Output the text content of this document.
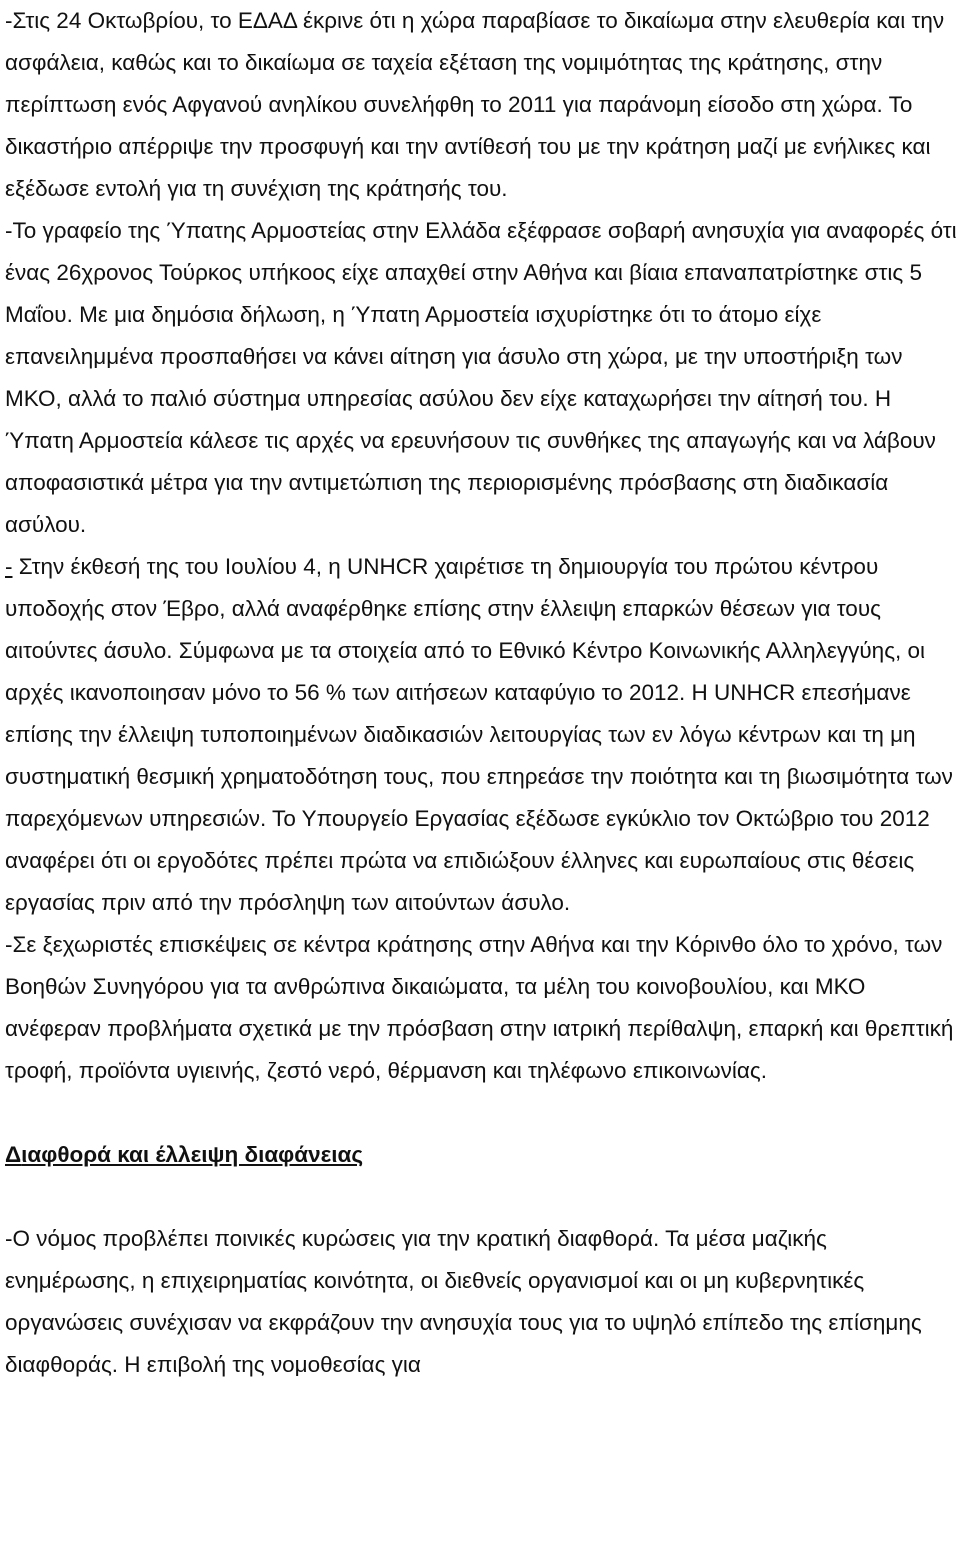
-Στις 24 Οκτωβρίου, το ΕΔΑΔ έκρινε ότι η χώρα παραβίασε το δικαίωμα στην ελευθερία και την ασφάλεια, καθώς και το δικαίωμα σε ταχεία εξέταση της νομιμότητας της κράτησης, στην περίπτωση ενός Αφγανού ανηλίκου συνελήφθη το 2011 για παράνομη είσοδο στη χώρα. Το δικαστήριο απέρριψε την προσφυγή και την αντίθεσή του με την κράτηση μαζί με ενήλικες και εξέδωσε εντολή για τη συνέχιση της κράτησής του.

-Το γραφείο της Ύπατης Αρμοστείας στην Ελλάδα εξέφρασε σοβαρή ανησυχία για αναφορές ότι ένας 26χρονος Τούρκος υπήκοος είχε απαχθεί στην Αθήνα και βίαια επαναπατρίστηκε στις 5 Μαΐου. Με μια δημόσια δήλωση, η Ύπατη Αρμοστεία ισχυρίστηκε ότι το άτομο είχε επανειλημμένα προσπαθήσει να κάνει αίτηση για άσυλο στη χώρα, με την υποστήριξη των ΜΚΟ, αλλά το παλιό σύστημα υπηρεσίας ασύλου δεν είχε καταχωρήσει την αίτησή του. Η Ύπατη Αρμοστεία κάλεσε τις αρχές να ερευνήσουν τις συνθήκες της απαγωγής και να λάβουν αποφασιστικά μέτρα για την αντιμετώπιση της περιορισμένης πρόσβασης στη διαδικασία ασύλου.

- Στην έκθεσή της του Ιουλίου 4, η UNHCR χαιρέτισε τη δημιουργία του πρώτου κέντρου υποδοχής στον Έβρο, αλλά αναφέρθηκε επίσης στην έλλειψη επαρκών θέσεων για τους αιτούντες άσυλο. Σύμφωνα με τα στοιχεία από το Εθνικό Κέντρο Κοινωνικής Αλληλεγγύης, οι αρχές ικανοποιησαν μόνο το 56 % των αιτήσεων καταφύγιο το 2012. Η UNHCR επεσήμανε επίσης την έλλειψη τυποποιημένων διαδικασιών λειτουργίας των εν λόγω κέντρων και τη μη συστηματική θεσμική χρηματοδότηση τους, που επηρεάσε την ποιότητα και τη βιωσιμότητα των παρεχόμενων υπηρεσιών. Το Υπουργείο Εργασίας εξέδωσε εγκύκλιο τον Οκτώβριο του 2012 αναφέρει ότι οι εργοδότες πρέπει πρώτα να επιδιώξουν έλληνες και ευρωπαίους στις θέσεις εργασίας πριν από την πρόσληψη των αιτούντων άσυλο.

-Σε ξεχωριστές επισκέψεις σε κέντρα κράτησης στην Αθήνα και την Κόρινθο όλο το χρόνο, των Βοηθών Συνηγόρου για τα ανθρώπινα δικαιώματα, τα μέλη του κοινοβουλίου, και ΜΚΟ ανέφεραν προβλήματα σχετικά με την πρόσβαση στην ιατρική περίθαλψη, επαρκή και θρεπτική τροφή, προϊόντα υγιεινής, ζεστό νερό, θέρμανση και τηλέφωνο επικοινωνίας.

Διαφθορά και έλλειψη διαφάνειας

-Ο νόμος προβλέπει ποινικές κυρώσεις για την κρατική διαφθορά. Τα μέσα μαζικής ενημέρωσης, η επιχειρηματίας κοινότητα, οι διεθνείς οργανισμοί και οι μη κυβερνητικές οργανώσεις συνέχισαν να εκφράζουν την ανησυχία τους για το υψηλό επίπεδο της επίσημης διαφθοράς. Η επιβολή της νομοθεσίας για
